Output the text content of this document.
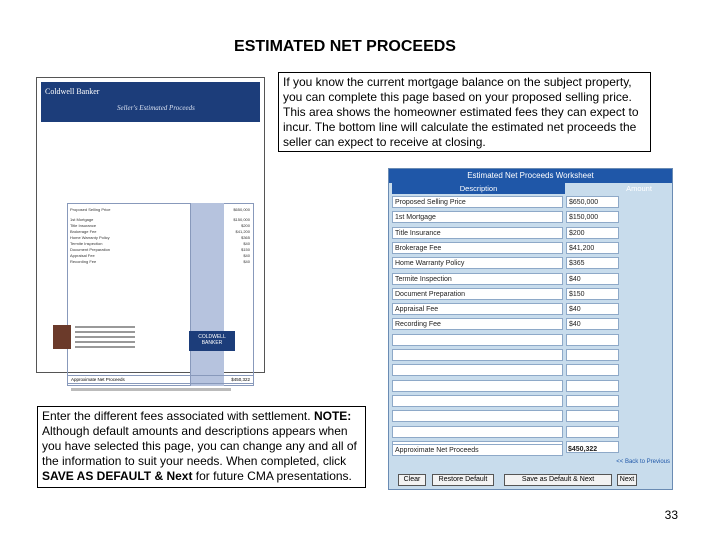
ESTIMATED NET PROCEEDS
Coldwell Banker
Seller's Estimated Proceeds
Proposed Selling Price	$650,000
1st Mortgage	$150,000
Title Insurance	$200
Brokerage Fee	$41,200
Home Warranty Policy	$365
Termite Inspection	$40
Document Preparation	$150
Appraisal Fee	$40
Recording Fee	$40
Approximate Net Proceeds	$450,322
COLDWELL BANKER
If you know the current mortgage balance on the subject property, you can complete this page based on your proposed selling price. This area shows the homeowner estimated fees they can expect to incur. The bottom line will calculate the estimated net proceeds the seller can expect to receive at closing.
Estimated Net Proceeds Worksheet
Description	Amount
Proposed Selling Price	$650,000
1st Mortgage	$150,000
Title Insurance	$200
Brokerage Fee	$41,200
Home Warranty Policy	$365
Termite Inspection	$40
Document Preparation	$150
Appraisal Fee	$40
Recording Fee	$40
Approximate Net Proceeds	$450,322
<< Back to Previous
Clear	Restore Default	Save as Default & Next	Next
Enter the different fees associated with settlement. NOTE: Although default amounts and descriptions appears when you have selected this page, you can change any and all of the information to suit your needs. When completed, click SAVE AS DEFAULT & Next for future CMA presentations.
33
